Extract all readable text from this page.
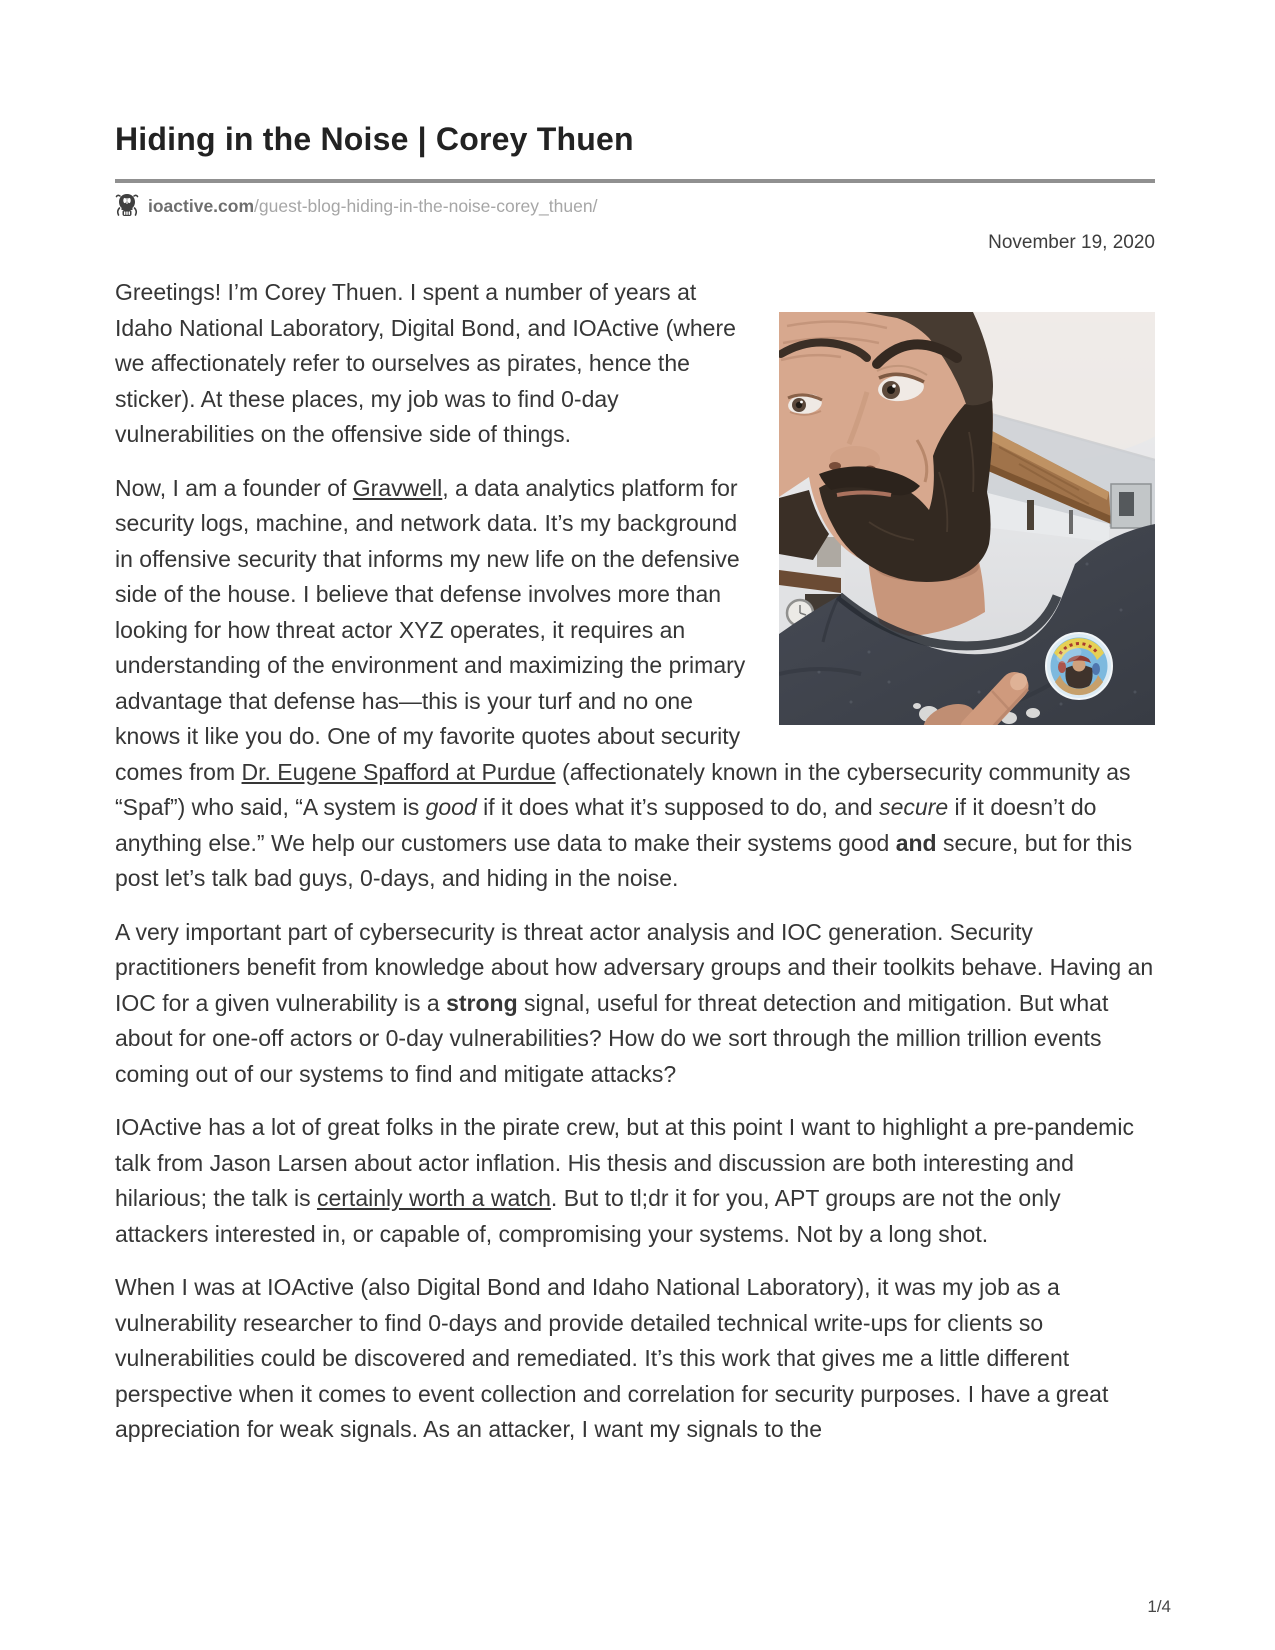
Hiding in the Noise | Corey Thuen
ioactive.com/guest-blog-hiding-in-the-noise-corey_thuen/
November 19, 2020

Greetings! I’m Corey Thuen. I spent a number of years at Idaho National Laboratory, Digital Bond, and IOActive (where we affectionately refer to ourselves as pirates, hence the sticker). At these places, my job was to find 0-day vulnerabilities on the offensive side of things.

Now, I am a founder of Gravwell, a data analytics platform for security logs, machine, and network data. It’s my background in offensive security that informs my new life on the defensive side of the house. I believe that defense involves more than looking for how threat actor XYZ operates, it requires an understanding of the environment and maximizing the primary advantage that defense has—this is your turf and no one knows it like you do. One of my favorite quotes about security comes from Dr. Eugene Spafford at Purdue (affectionately known in the cybersecurity community as “Spaf”) who said, “A system is good if it does what it’s supposed to do, and secure if it doesn’t do anything else.” We help our customers use data to make their systems good and secure, but for this post let’s talk bad guys, 0-days, and hiding in the noise.

A very important part of cybersecurity is threat actor analysis and IOC generation. Security practitioners benefit from knowledge about how adversary groups and their toolkits behave. Having an IOC for a given vulnerability is a strong signal, useful for threat detection and mitigation. But what about for one-off actors or 0-day vulnerabilities? How do we sort through the million trillion events coming out of our systems to find and mitigate attacks?

IOActive has a lot of great folks in the pirate crew, but at this point I want to highlight a pre-pandemic talk from Jason Larsen about actor inflation. His thesis and discussion are both interesting and hilarious; the talk is certainly worth a watch. But to tl;dr it for you, APT groups are not the only attackers interested in, or capable of, compromising your systems. Not by a long shot.

When I was at IOActive (also Digital Bond and Idaho National Laboratory), it was my job as a vulnerability researcher to find 0-days and provide detailed technical write-ups for clients so vulnerabilities could be discovered and remediated. It’s this work that gives me a little different perspective when it comes to event collection and correlation for security purposes. I have a great appreciation for weak signals. As an attacker, I want my signals to the

1/4
